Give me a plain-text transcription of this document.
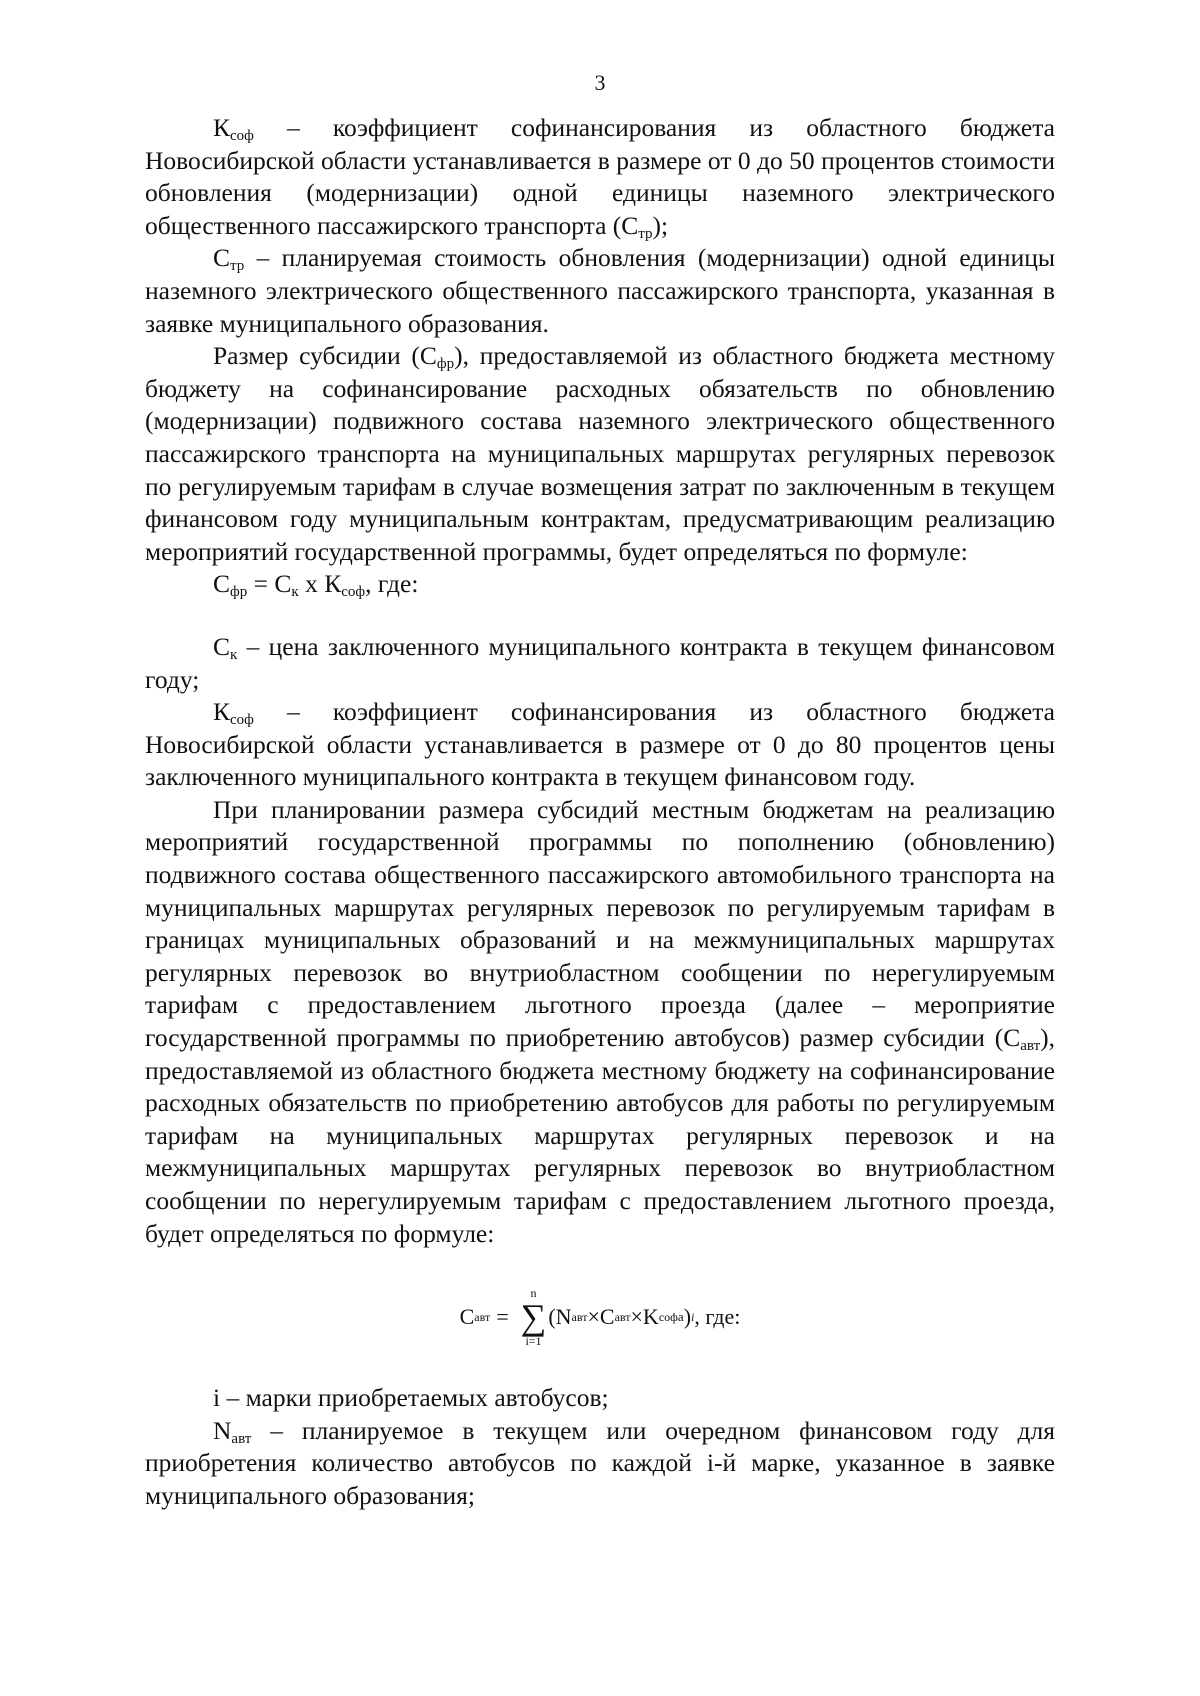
3

$К_{соф}$ – коэффициент софинансирования из областного бюджета Новосибирской области устанавливается в размере от 0 до 50 процентов стоимости обновления (модернизации) одной единицы наземного электрического общественного пассажирского транспорта $(С_{тр})$;

$С_{тр}$ – планируемая стоимость обновления (модернизации) одной единицы наземного электрического общественного пассажирского транспорта, указанная в заявке муниципального образования.

Размер субсидии $(С_{фр})$, предоставляемой из областного бюджета местному бюджету на софинансирование расходных обязательств по обновлению (модернизации) подвижного состава наземного электрического общественного пассажирского транспорта на муниципальных маршрутах регулярных перевозок по регулируемым тарифам в случае возмещения затрат по заключенным в текущем финансовом году муниципальным контрактам, предусматривающим реализацию мероприятий государственной программы, будет определяться по формуле:

$С_{фр} = С_к$ х $К_{соф}$, где:

$С_к$ – цена заключенного муниципального контракта в текущем финансовом году;

$К_{соф}$ – коэффициент софинансирования из областного бюджета Новосибирской области устанавливается в размере от 0 до 80 процентов цены заключенного муниципального контракта в текущем финансовом году.

При планировании размера субсидий местным бюджетам на реализацию мероприятий государственной программы по пополнению (обновлению) подвижного состава общественного пассажирского автомобильного транспорта на муниципальных маршрутах регулярных перевозок по регулируемым тарифам в границах муниципальных образований и на межмуниципальных маршрутах регулярных перевозок во внутриобластном сообщении по нерегулируемым тарифам с предоставлением льготного проезда (далее – мероприятие государственной программы по приобретению автобусов) размер субсидии $(С_{авт})$, предоставляемой из областного бюджета местному бюджету на софинансирование расходных обязательств по приобретению автобусов для работы по регулируемым тарифам на муниципальных маршрутах регулярных перевозок и на межмуниципальных маршрутах регулярных перевозок во внутриобластном сообщении по нерегулируемым тарифам с предоставлением льготного проезда, будет определяться по формуле:

C авт =
n
∑
i=1
(N авт ×C авт ×K соф а ) i , где:

i – марки приобретаемых автобусов;

$N_{авт}$ – планируемое в текущем или очередном финансовом году для приобретения количество автобусов по каждой i-й марке, указанное в заявке муниципального образования;
